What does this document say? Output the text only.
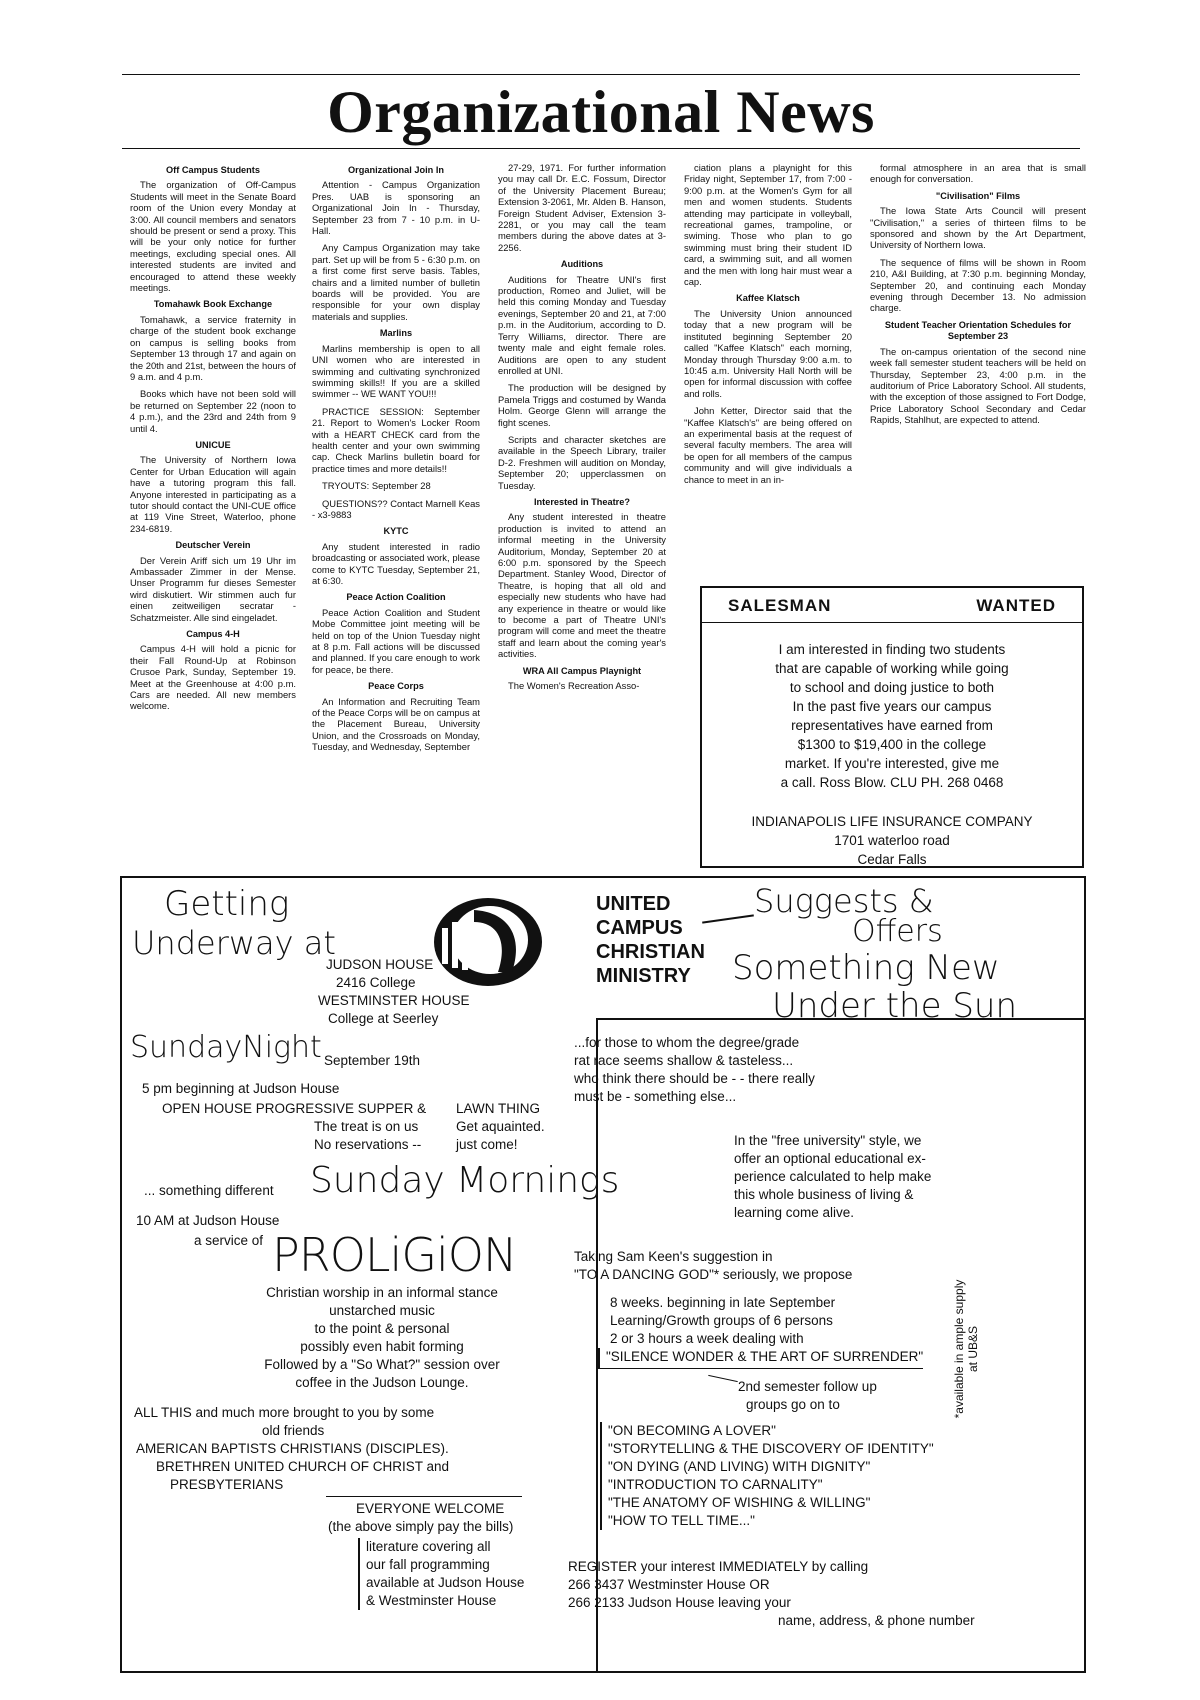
Organizational News
Off Campus Students

The organization of Off-Campus Students will meet in the Senate Board room of the Union every Monday at 3:00. All council members and senators should be present or send a proxy. This will be your only notice for further meetings, excluding special ones. All interested students are invited and encouraged to attend these weekly meetings.

Tomahawk Book Exchange

Tomahawk, a service fraternity in charge of the student book exchange on campus is selling books from September 13 through 17 and again on the 20th and 21st, between the hours of 9 a.m. and 4 p.m.

Books which have not been sold will be returned on September 22 (noon to 4 p.m.), and the 23rd and 24th from 9 until 4.

UNICUE

The University of Northern Iowa Center for Urban Education will again have a tutoring program this fall. Anyone interested in participating as a tutor should contact the UNI-CUE office at 119 Vine Street, Waterloo, phone 234-6819.

Deutscher Verein

Der Verein Ariff sich um 19 Uhr im Ambassader Zimmer in der Mense. Unser Programm fur dieses Semester wird diskutiert. Wir stimmen auch fur einen zeitweiligen secratar - Schatzmeister. Alle sind eingeladet.

Campus 4-H

Campus 4-H will hold a picnic for their Fall Round-Up at Robinson Crusoe Park, Sunday, September 19. Meet at the Greenhouse at 4:00 p.m. Cars are needed. All new members welcome.

Organizational Join In

Attention - Campus Organization Pres. UAB is sponsoring an Organizational Join In - Thursday, September 23 from 7 - 10 p.m. in U-Hall.

Any Campus Organization may take part. Set up will be from 5 - 6:30 p.m. on a first come first serve basis. Tables, chairs and a limited number of bulletin boards will be provided. You are responsible for your own display materials and supplies.

Marlins

Marlins membership is open to all UNI women who are interested in swimming and cultivating synchronized swimming skills!! If you are a skilled swimmer -- WE WANT YOU!!!

PRACTICE SESSION: September 21. Report to Women's Locker Room with a HEART CHECK card from the health center and your own swimming cap. Check Marlins bulletin board for practice times and more details!!

TRYOUTS: September 28

QUESTIONS?? Contact Marnell Keas - x3-9883

KYTC

Any student interested in radio broadcasting or associated work, please come to KYTC Tuesday, September 21, at 6:30.

Peace Action Coalition

Peace Action Coalition and Student Mobe Committee joint meeting will be held on top of the Union Tuesday night at 8 p.m. Fall actions will be discussed and planned. If you care enough to work for peace, be there.

Peace Corps

An Information and Recruiting Team of the Peace Corps will be on campus at the Placement Bureau, University Union, and the Crossroads on Monday, Tuesday, and Wednesday, September

27-29, 1971. For further information you may call Dr. E.C. Fossum, Director of the University Placement Bureau; Extension 3-2061, Mr. Alden B. Hanson, Foreign Student Adviser, Extension 3-2281, or you may call the team members during the above dates at 3-2256.

Auditions

Auditions for Theatre UNI's first production, Romeo and Juliet, will be held this coming Monday and Tuesday evenings, September 20 and 21, at 7:00 p.m. in the Auditorium, according to D. Terry Williams, director. There are twenty male and eight female roles. Auditions are open to any student enrolled at UNI.

The production will be designed by Pamela Triggs and costumed by Wanda Holm. George Glenn will arrange the fight scenes.

Scripts and character sketches are available in the Speech Library, trailer D-2. Freshmen will audition on Monday, September 20; upperclassmen on Tuesday.

Interested in Theatre?

Any student interested in theatre production is invited to attend an informal meeting in the University Auditorium, Monday, September 20 at 6:00 p.m. sponsored by the Speech Department. Stanley Wood, Director of Theatre, is hoping that all old and especially new students who have had any experience in theatre or would like to become a part of Theatre UNI's program will come and meet the theatre staff and learn about the coming year's activities.

WRA All Campus Playnight

The Women's Recreation Asso-

ciation plans a playnight for this Friday night, September 17, from 7:00 - 9:00 p.m. at the Women's Gym for all men and women students. Students attending may participate in volleyball, recreational games, trampoline, or swiming. Those who plan to go swimming must bring their student ID card, a swimming suit, and all women and the men with long hair must wear a cap.

Kaffee Klatsch

The University Union announced today that a new program will be instituted beginning September 20 called "Kaffee Klatsch" each morning, Monday through Thursday 9:00 a.m. to 10:45 a.m. University Hall North will be open for informal discussion with coffee and rolls.

John Ketter, Director said that the "Kaffee Klatsch's" are being offered on an experimental basis at the request of several faculty members. The area will be open for all members of the campus community and will give individuals a chance to meet in an in-

formal atmosphere in an area that is small enough for conversation.

"Civilisation" Films

The Iowa State Arts Council will present "Civilisation," a series of thirteen films to be sponsored and shown by the Art Department, University of Northern Iowa.

The sequence of films will be shown in Room 210, A&I Building, at 7:30 p.m. beginning Monday, September 20, and continuing each Monday evening through December 13. No admission charge.

Student Teacher Orientation Schedules for September 23

The on-campus orientation of the second nine week fall semester student teachers will be held on Thursday, September 23, 4:00 p.m. in the auditorium of Price Laboratory School. All students, with the exception of those assigned to Fort Dodge, Price Laboratory School Secondary and Cedar Rapids, Stahlhut, are expected to attend.

SALESMAN	WANTED

I am interested in finding two students

that are capable of working while going

to school and doing justice to both

In the past five years our campus

representatives have earned from

$1300 to $19,400 in the college

market. If you're interested, give me

a call. Ross Blow. CLU PH. 268 0468

INDIANAPOLIS LIFE INSURANCE COMPANY

1701 waterloo road

Cedar Falls

Getting
Underway at
JUDSON HOUSE
2416 College
WESTMINSTER HOUSE
College at Seerley
SundayNight September 19th
5 pm beginning at Judson House
OPEN HOUSE PROGRESSIVE SUPPER & LAWN THING
The treat is on us	Get aquainted.
No reservations --	just come!
... something different Sunday Mornings
10 AM at Judson House
a service of PROLiGiON
Christian worship in an informal stance
unstarched music
to the point & personal
possibly even habit forming
Followed by a "So What?" session over
coffee in the Judson Lounge.
ALL THIS and much more brought to you by some
old friends
AMERICAN BAPTISTS CHRISTIANS (DISCIPLES).
BRETHREN UNITED CHURCH OF CHRIST and
PRESBYTERIANS
EVERYONE WELCOME
(the above simply pay the bills)
literature covering all
our fall programming
available at Judson House
& Westminster House
UNITED
CAMPUS
CHRISTIAN
MINISTRY
Suggests &
Offers
Something New
Under the Sun
...for those to whom the degree/grade
rat race seems shallow & tasteless...
who think there should be - - there really
must be - something else...
In the "free university" style, we
offer an optional educational ex-
perience calculated to help make
this whole business of living &
learning come alive.
Taking Sam Keen's suggestion in
"TO A DANCING GOD"* seriously, we propose
8 weeks. beginning in late September
Learning/Growth groups of 6 persons
2 or 3 hours a week dealing with
"SILENCE WONDER & THE ART OF SURRENDER"
2nd semester follow up
groups go on to
"ON BECOMING A LOVER"
"STORYTELLING & THE DISCOVERY OF IDENTITY"
"ON DYING (AND LIVING) WITH DIGNITY"
"INTRODUCTION TO CARNALITY"
"THE ANATOMY OF WISHING & WILLING"
"HOW TO TELL TIME..."
REGISTER your interest IMMEDIATELY by calling
266 3437 Westminster House OR
266 2133 Judson House leaving your
name, address, & phone number
*available in ample supply at UB&S
